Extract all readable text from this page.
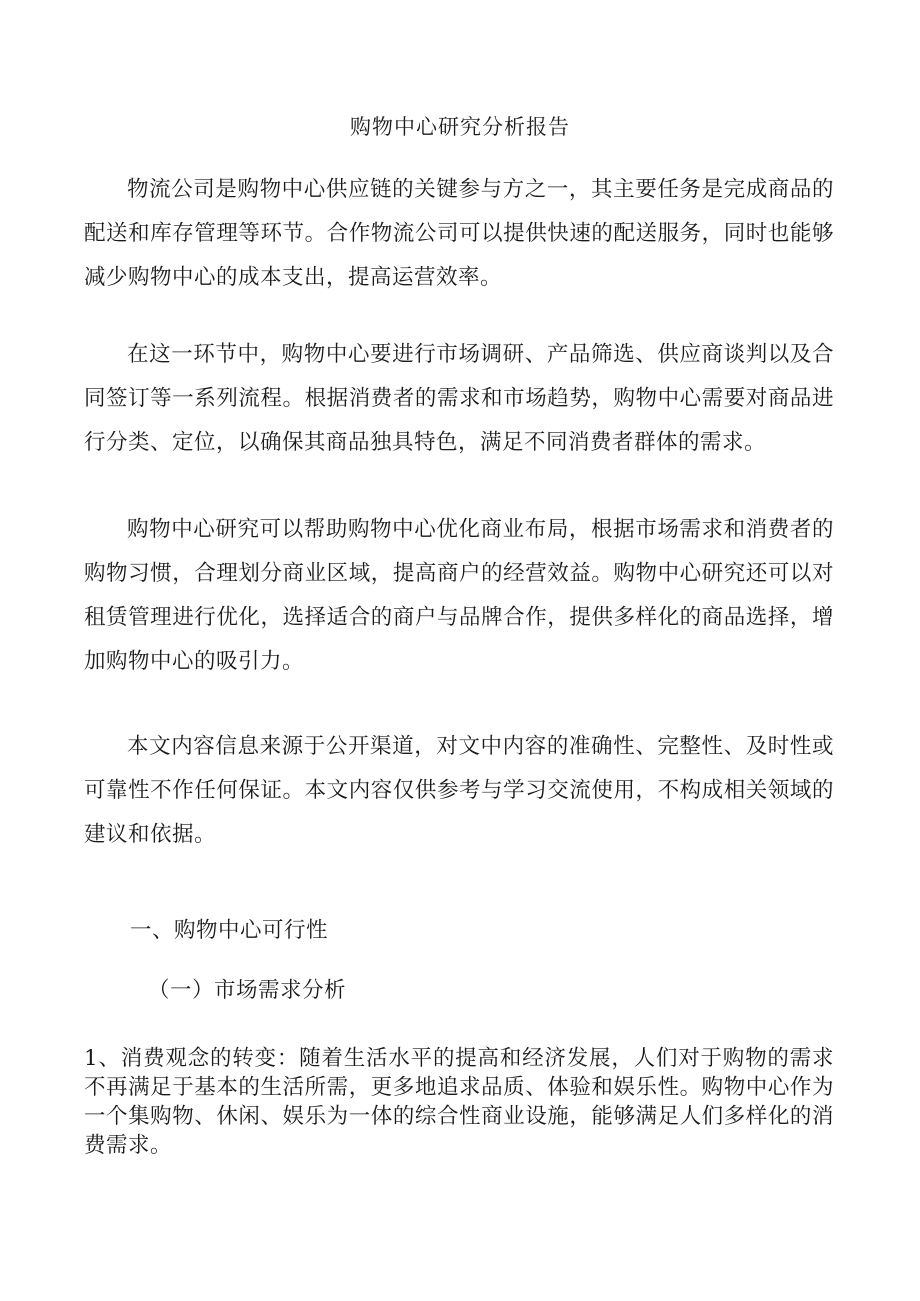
购物中心研究分析报告

物流公司是购物中心供应链的关键参与方之一，其主要任务是完成商品的配送和库存管理等环节。合作物流公司可以提供快速的配送服务，同时也能够减少购物中心的成本支出，提高运营效率。

在这一环节中，购物中心要进行市场调研、产品筛选、供应商谈判以及合同签订等一系列流程。根据消费者的需求和市场趋势，购物中心需要对商品进行分类、定位，以确保其商品独具特色，满足不同消费者群体的需求。

购物中心研究可以帮助购物中心优化商业布局，根据市场需求和消费者的购物习惯，合理划分商业区域，提高商户的经营效益。购物中心研究还可以对租赁管理进行优化，选择适合的商户与品牌合作，提供多样化的商品选择，增加购物中心的吸引力。

本文内容信息来源于公开渠道，对文中内容的准确性、完整性、及时性或可靠性不作任何保证。本文内容仅供参考与学习交流使用，不构成相关领域的建议和依据。

一、购物中心可行性
（一）市场需求分析

1、消费观念的转变：随着生活水平的提高和经济发展，人们对于购物的需求不再满足于基本的生活所需，更多地追求品质、体验和娱乐性。购物中心作为一个集购物、休闲、娱乐为一体的综合性商业设施，能够满足人们多样化的消费需求。
